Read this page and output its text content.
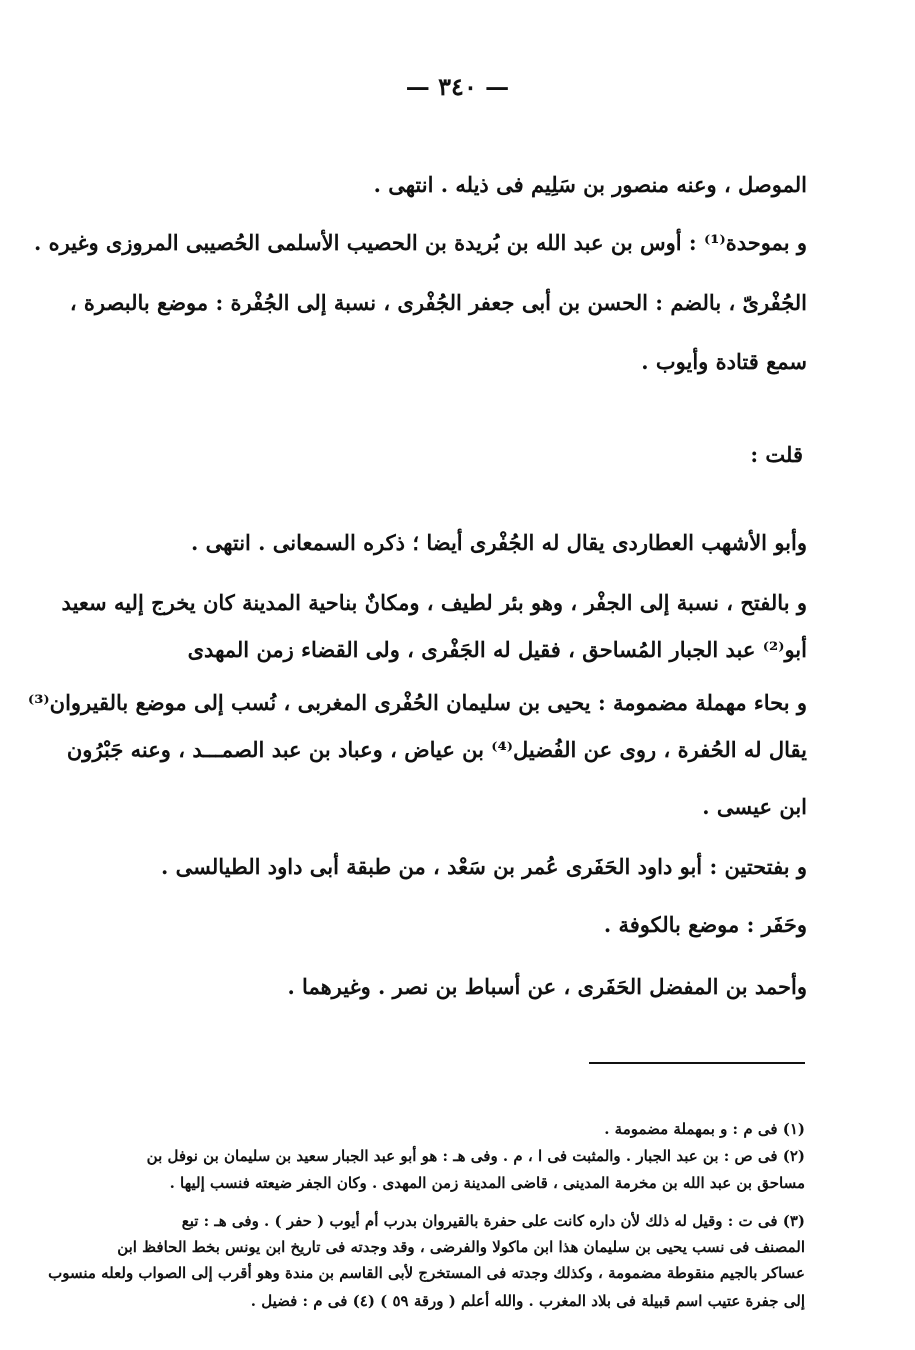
— ٣٤٠ —
الموصل ، وعنه منصور بن سَلِيم فى ذيله . انتهى .
و بموحدة⁽¹⁾ : أوس بن عبد الله بن بُريدة بن الحصيب الأسلمى الحُصيبى المروزى وغيره .
الجُفْرىّ ، بالضم : الحسن بن أبى جعفر الجُفْرى ، نسبة إلى الجُفْرة : موضع بالبصرة ،
سمع قتادة وأيوب .
قلت :
وأبو الأشهب العطاردى يقال له الجُفْرى أيضا ؛ ذكره السمعانى . انتهى .
و بالفتح ، نسبة إلى الجفْر ، وهو بئر لطيف ، ومكانٌ بناحية المدينة كان يخرج إليه سعيد
أبو⁽²⁾ عبد الجبار المُساحق ، فقيل له الجَفْرى ، ولى القضاء زمن المهدى
و بحاء مهملة مضمومة : يحيى بن سليمان الحُفْرى المغربى ، نُسب إلى موضع بالقيروان⁽³⁾
يقال له الحُفرة ، روى عن الفُضيل⁽⁴⁾ بن عياض ، وعباد بن عبد الصمـــد ، وعنه جَبْرُون
ابن عيسى .
و بفتحتين : أبو داود الحَفَرى عُمر بن سَعْد ، من طبقة أبى داود الطيالسى .
وحَفَر : موضع بالكوفة .
وأحمد بن المفضل الحَفَرى ، عن أسباط بن نصر . وغيرهما .
(١) فى م : و بمهملة مضمومة .
(٢) فى ص : بن عبد الجبار . والمثبت فى ا ، م . وفى هـ : هو أبو عبد الجبار سعيد بن سليمان بن نوفل بن
مساحق بن عبد الله بن مخرمة المدينى ، قاضى المدينة زمن المهدى . وكان الجفر ضيعته فنسب إليها .
(٣) فى ت : وقيل له ذلك لأن داره كانت على حفرة بالقيروان بدرب أم أيوب ( حفر ) . وفى هـ : تبع
المصنف فى نسب يحيى بن سليمان هذا ابن ماكولا والفرضى ، وقد وجدته فى تاريخ ابن يونس بخط الحافظ ابن
عساكر بالجيم منقوطة مضمومة ، وكذلك وجدته فى المستخرج لأبى القاسم بن مندة وهو أقرب إلى الصواب ولعله منسوب
إلى جفرة عتيب اسم قبيلة فى بلاد المغرب . والله أعلم ( ورقة ٥٩ ) (٤) فى م : فضيل .
